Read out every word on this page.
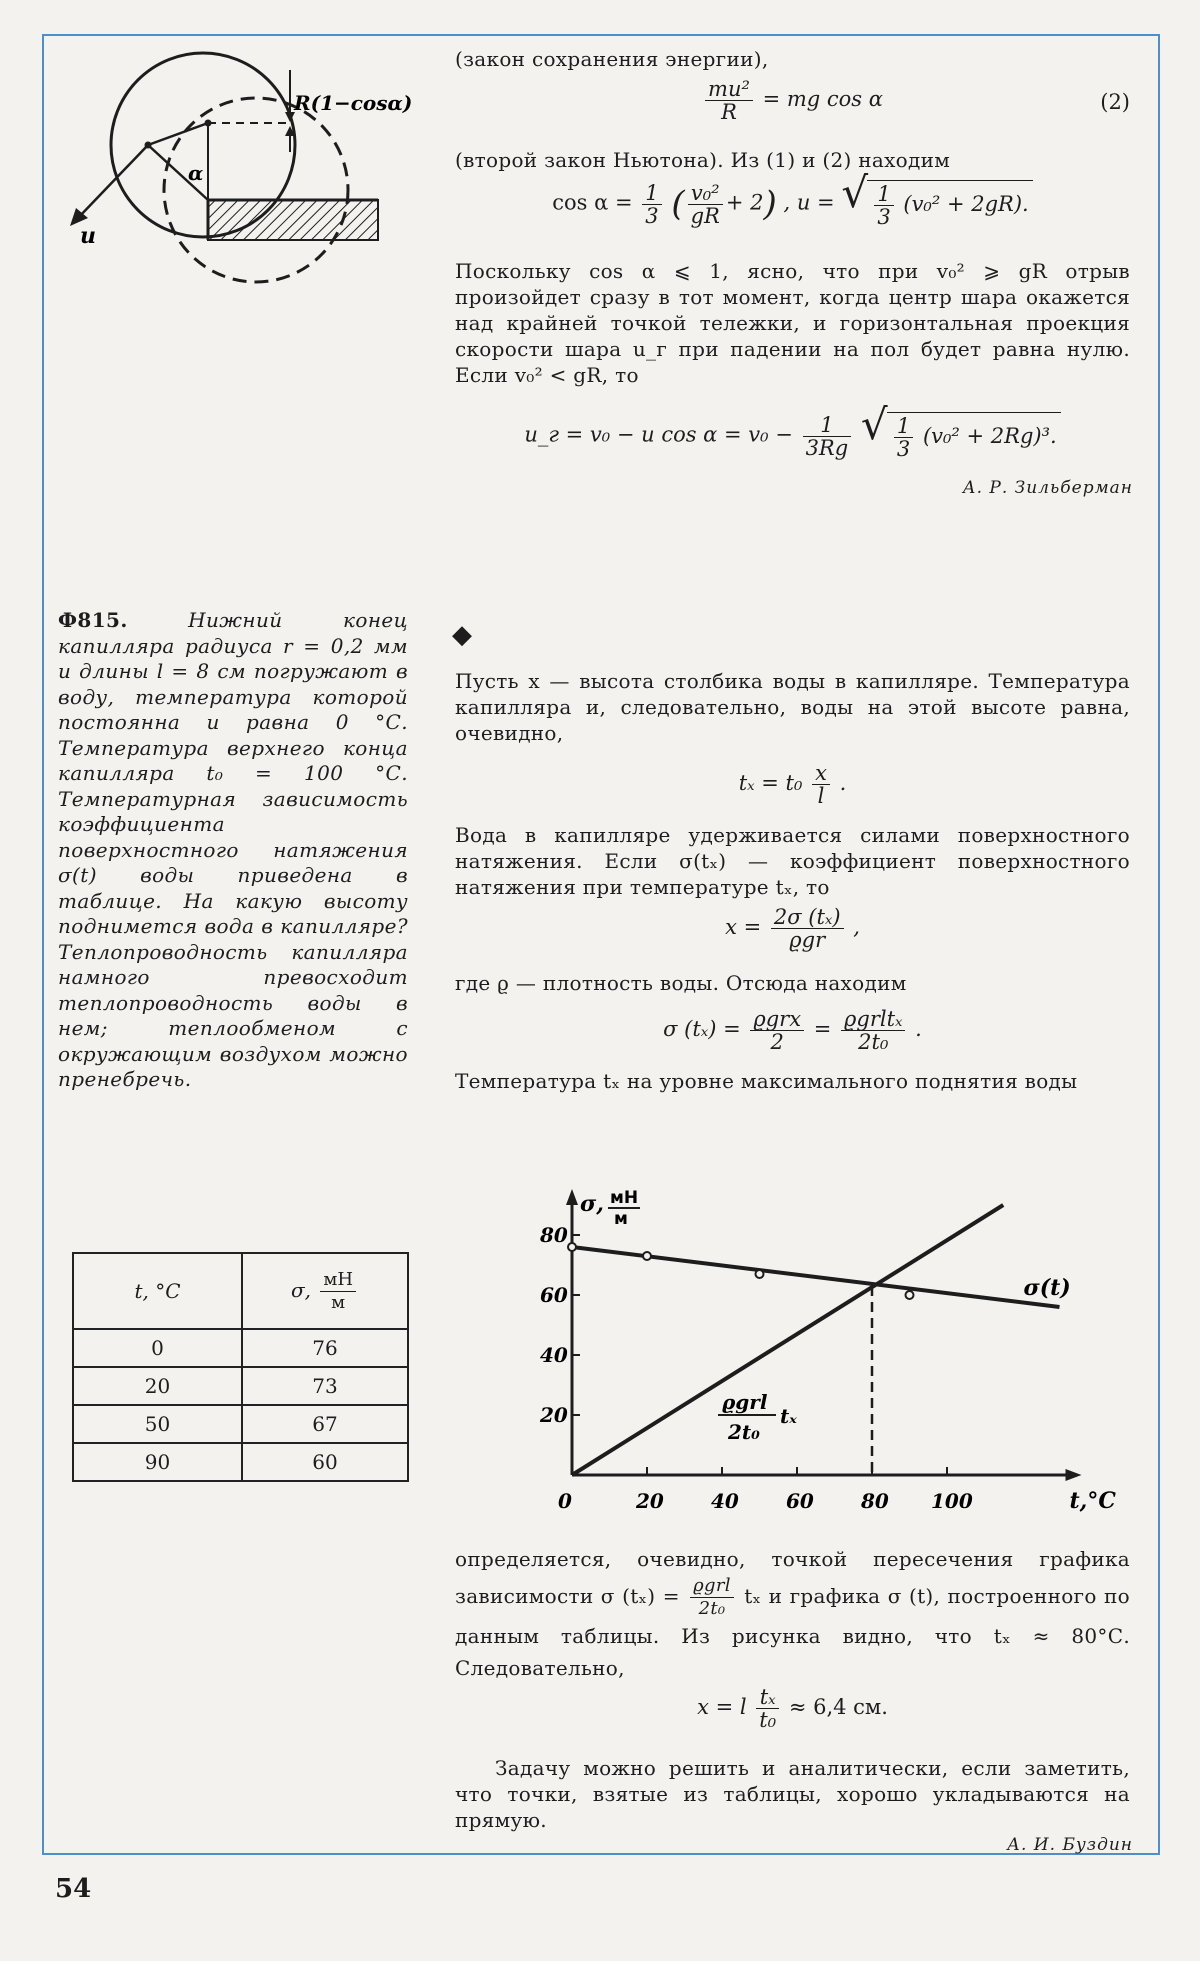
R(1−cosα)
α
u
(закон сохранения энергии),
$\frac{\text{mu²}}{R}$ = mg cos α	(2)
(второй закон Ньютона). Из (1) и (2) находим
$\cos \alpha = \frac{1}{3}$ ( $\frac{\text{v₀²}}{gR} + 2$) , u = √ $\frac{1}{3} (v_0^2 + 2gR)$.
Поскольку cos α ⩽ 1, ясно, что при v₀² ⩾ gR отрыв произойдет сразу в тот момент, когда центр шара окажется над крайней точкой тележки, и горизонтальная проекция скорости шара u_г при падении на пол будет равна нулю. Если v₀² < gR, то
u_г = v₀ − u $\cos \alpha = v_0 - \frac{1}{3Rg}$
√ $\frac{1}{3} (v_0^2 + 2Rg)^3$.
А. Р. Зильберман
Ф815.	Нижний конец капилляра радиуса r = 0,2 мм и длины l = 8 см погружают в воду, температура которой постоянна и равна 0 °С. Температура верхнего конца капилляра t₀ = 100 °С. Температурная зависимость коэффициента поверхностного натяжения σ(t) воды приведена в таблице. На какую высоту поднимется вода в капилляре? Теплопроводность капилляра намного превосходит теплопроводность воды в нем; теплообменом с окружающим воздухом можно пренебречь.
t, °С	σ, $\frac{мН}{м}$

0	76
20	73
50	67
90	60
◆
Пусть x — высота столбика воды в капилляре. Температура капилляра и, следовательно, воды на этой высоте равна, очевидно,
$t_x = t_0 \frac{x}{l}$ .
Вода в капилляре удерживается силами поверхностного натяжения. Если σ(tₓ) — коэффициент поверхностного натяжения при температуре tₓ, то
$x = \frac{\text{2σ (tₓ)}}{\text{ϱgr}}$ ,
где ϱ — плотность воды. Отсюда находим
σ $(t_x) = \frac{\text{ϱgrx}}{2} = \frac{\text{ϱgrltₓ}}{\text{2t₀}}$ .
Температура tₓ на уровне максимального поднятия воды
0	20 40 60 80 100
20
40
60
80
t,°C
σ, мН
м
σ(t)
ϱgrl
2t₀
tₓ
определяется, очевидно, точкой пересечения графика зависимости σ $(t_x) = \frac{\text{ϱgrl}}{\text{2t₀}}$ tₓ и графика σ (t), построенного по данным таблицы. Из рисунка видно, что tₓ ≈ 80°С. Следовательно,
x = l $\frac{\text{tₓ}}{\text{t₀}} \approx 6,4$ см.
Задачу можно решить и аналитически, если заметить, что точки, взятые из таблицы, хорошо укладываются на прямую.
А. И. Буздин
54
